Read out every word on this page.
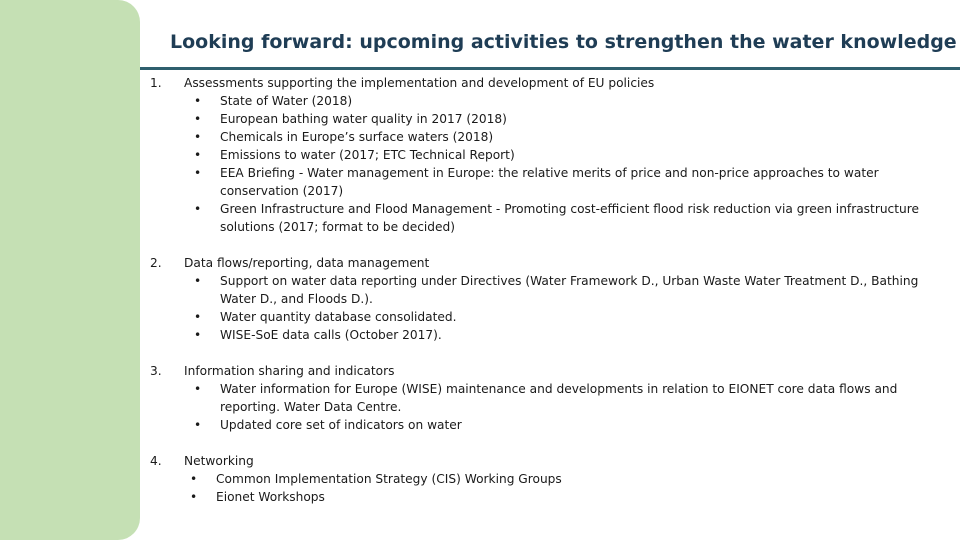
Looking forward: upcoming activities to strengthen the water knowledge
1.	Assessments supporting the implementation and development of EU policies
• State of Water (2018)
• European bathing water quality in 2017 (2018)
• Chemicals in Europe’s surface waters (2018)
• Emissions to water (2017; ETC Technical Report)
• EEA Briefing - Water management in Europe: the relative merits of price and non-price approaches to water conservation (2017)
• Green Infrastructure and Flood Management - Promoting cost-efficient flood risk reduction via green infrastructure solutions (2017; format to be decided)
2.	Data flows/reporting, data management
• Support on water data reporting under Directives (Water Framework D., Urban Waste Water Treatment D., Bathing Water D., and Floods D.).
• Water quantity database consolidated.
• WISE-SoE data calls (October 2017).
3.	Information sharing and indicators
• Water information for Europe (WISE) maintenance and developments in relation to EIONET core data flows and reporting. Water Data Centre.
• Updated core set of indicators on water
4.	Networking
• Common Implementation Strategy (CIS) Working Groups
• Eionet Workshops
